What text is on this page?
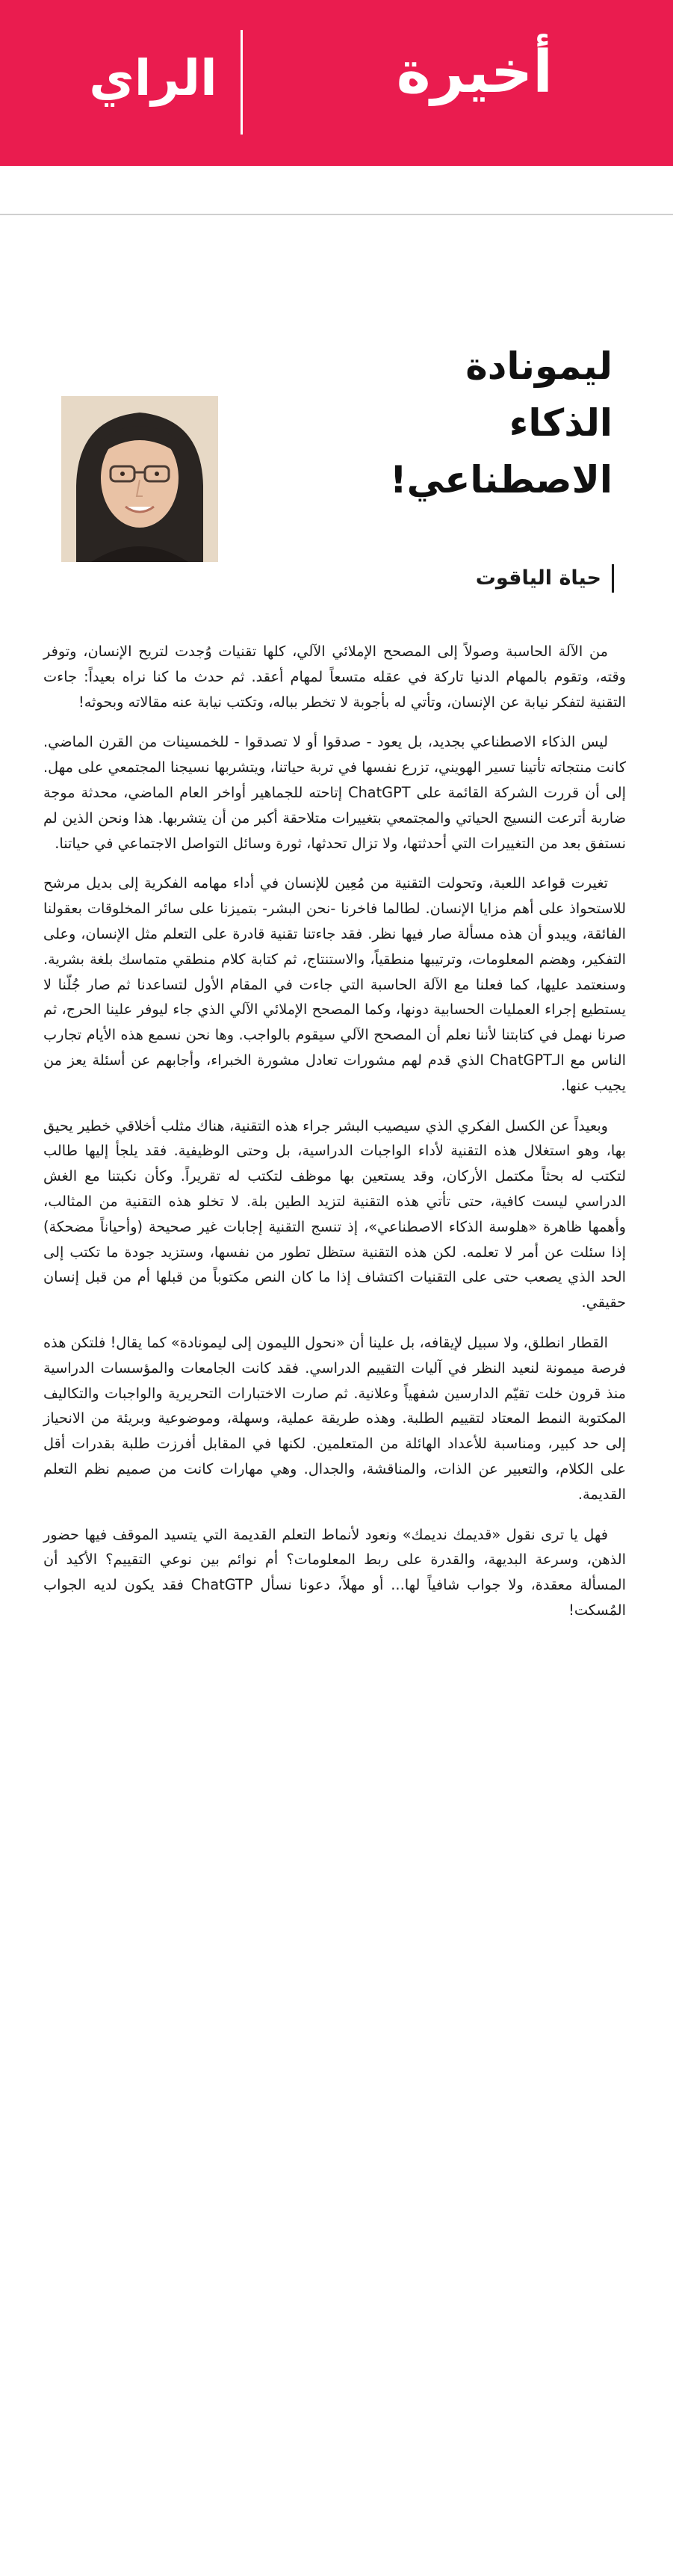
الراي	أخيرة
ليمونادة الذكاء الاصطناعي!
حياة الياقوت

من الآلة الحاسبة وصولاً إلى المصحح الإملائي الآلي، كلها تقنيات وُجدت لتريح الإنسان، وتوفر وقته، وتقوم بالمهام الدنيا تاركة في عقله متسعاً لمهام أعقد. ثم حدث ما كنا نراه بعيداً: جاءت التقنية لتفكر نيابة عن الإنسان، وتأتي له بأجوبة لا تخطر بباله، وتكتب نيابة عنه مقالاته وبحوثه!

ليس الذكاء الاصطناعي بجديد، بل يعود - صدقوا أو لا تصدقوا - للخمسينات من القرن الماضي. كانت منتجاته تأتينا تسير الهويني، تزرع نفسها في تربة حياتنا، ويتشربها نسيجنا المجتمعي على مهل. إلى أن قررت الشركة القائمة على ChatGPT إتاحته للجماهير أواخر العام الماضي، محدثة موجة ضاربة أترعت النسيج الحياتي والمجتمعي بتغييرات متلاحقة أكبر من أن يتشربها. هذا ونحن الذين لم نستفق بعد من التغييرات التي أحدثتها، ولا تزال تحدثها، ثورة وسائل التواصل الاجتماعي في حياتنا.

تغيرت قواعد اللعبة، وتحولت التقنية من مُعِين للإنسان في أداء مهامه الفكرية إلى بديل مرشح للاستحواذ على أهم مزايا الإنسان. لطالما فاخرنا -نحن البشر- بتميزنا على سائر المخلوقات بعقولنا الفائقة، ويبدو أن هذه مسألة صار فيها نظر. فقد جاءتنا تقنية قادرة على التعلم مثل الإنسان، وعلى التفكير، وهضم المعلومات، وترتيبها منطقياً، والاستنتاج، ثم كتابة كلام منطقي متماسك بلغة بشرية. وسنعتمد عليها، كما فعلنا مع الآلة الحاسبة التي جاءت في المقام الأول لتساعدنا ثم صار جُلّنا لا يستطيع إجراء العمليات الحسابية دونها، وكما المصحح الإملائي الآلي الذي جاء ليوفر علينا الحرج، ثم صرنا نهمل في كتابتنا لأننا نعلم أن المصحح الآلي سيقوم بالواجب. وها نحن نسمع هذه الأيام تجارب الناس مع الـChatGPT الذي قدم لهم مشورات تعادل مشورة الخبراء، وأجابهم عن أسئلة يعز من يجيب عنها.

وبعيداً عن الكسل الفكري الذي سيصيب البشر جراء هذه التقنية، هناك مثلب أخلاقي خطير يحيق بها، وهو استغلال هذه التقنية لأداء الواجبات الدراسية، بل وحتى الوظيفية. فقد يلجأ إليها طالب لتكتب له بحثاً مكتمل الأركان، وقد يستعين بها موظف لتكتب له تقريراً. وكأن نكبتنا مع الغش الدراسي ليست كافية، حتى تأتي هذه التقنية لتزيد الطين بلة. لا تخلو هذه التقنية من المثالب، وأهمها ظاهرة «هلوسة الذكاء الاصطناعي»، إذ تنسج التقنية إجابات غير صحيحة (وأحياناً مضحكة) إذا سئلت عن أمر لا تعلمه. لكن هذه التقنية ستظل تطور من نفسها، وستزيد جودة ما تكتب إلى الحد الذي يصعب حتى على التقنيات اكتشاف إذا ما كان النص مكتوباً من قبلها أم من قبل إنسان حقيقي.

القطار انطلق، ولا سبيل لإيقافه، بل علينا أن «نحول الليمون إلى ليمونادة» كما يقال! فلتكن هذه فرصة ميمونة لنعيد النظر في آليات التقييم الدراسي. فقد كانت الجامعات والمؤسسات الدراسية منذ قرون خلت تقيّم الدارسين شفهياً وعلانية. ثم صارت الاختبارات التحريرية والواجبات والتكاليف المكتوبة النمط المعتاد لتقييم الطلبة. وهذه طريقة عملية، وسهلة، وموضوعية وبريئة من الانحياز إلى حد كبير، ومناسبة للأعداد الهائلة من المتعلمين. لكنها في المقابل أفرزت طلبة بقدرات أقل على الكلام، والتعبير عن الذات، والمناقشة، والجدال. وهي مهارات كانت من صميم نظم التعلم القديمة.

فهل يا ترى نقول «قديمك نديمك» ونعود لأنماط التعلم القديمة التي يتسيد الموقف فيها حضور الذهن، وسرعة البديهة، والقدرة على ربط المعلومات؟ أم نوائم بين نوعي التقييم؟ الأكيد أن المسألة معقدة، ولا جواب شافياً لها... أو مهلاً، دعونا نسأل ChatGTP فقد يكون لديه الجواب المُسكت!
